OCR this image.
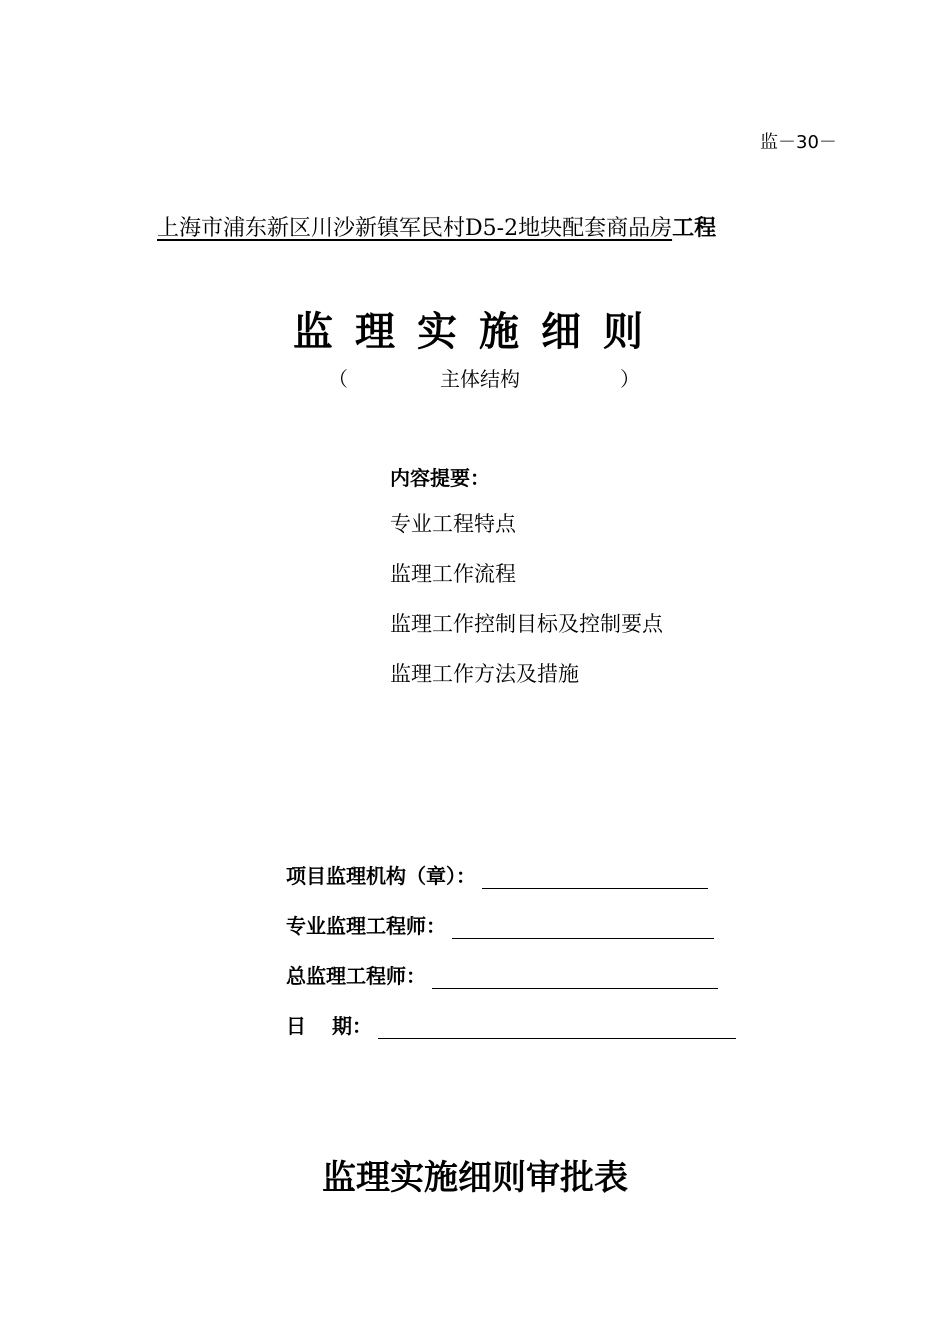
监－30－
上海市浦东新区川沙新镇军民村D5-2地块配套商品房工程
监理实施细则
（	主体结构	）
内容提要：
专业工程特点
监理工作流程
监理工作控制目标及控制要点
监理工作方法及措施
项目监理机构（章）：
专业监理工程师：
总监理工程师：
日 期：
监理实施细则审批表
